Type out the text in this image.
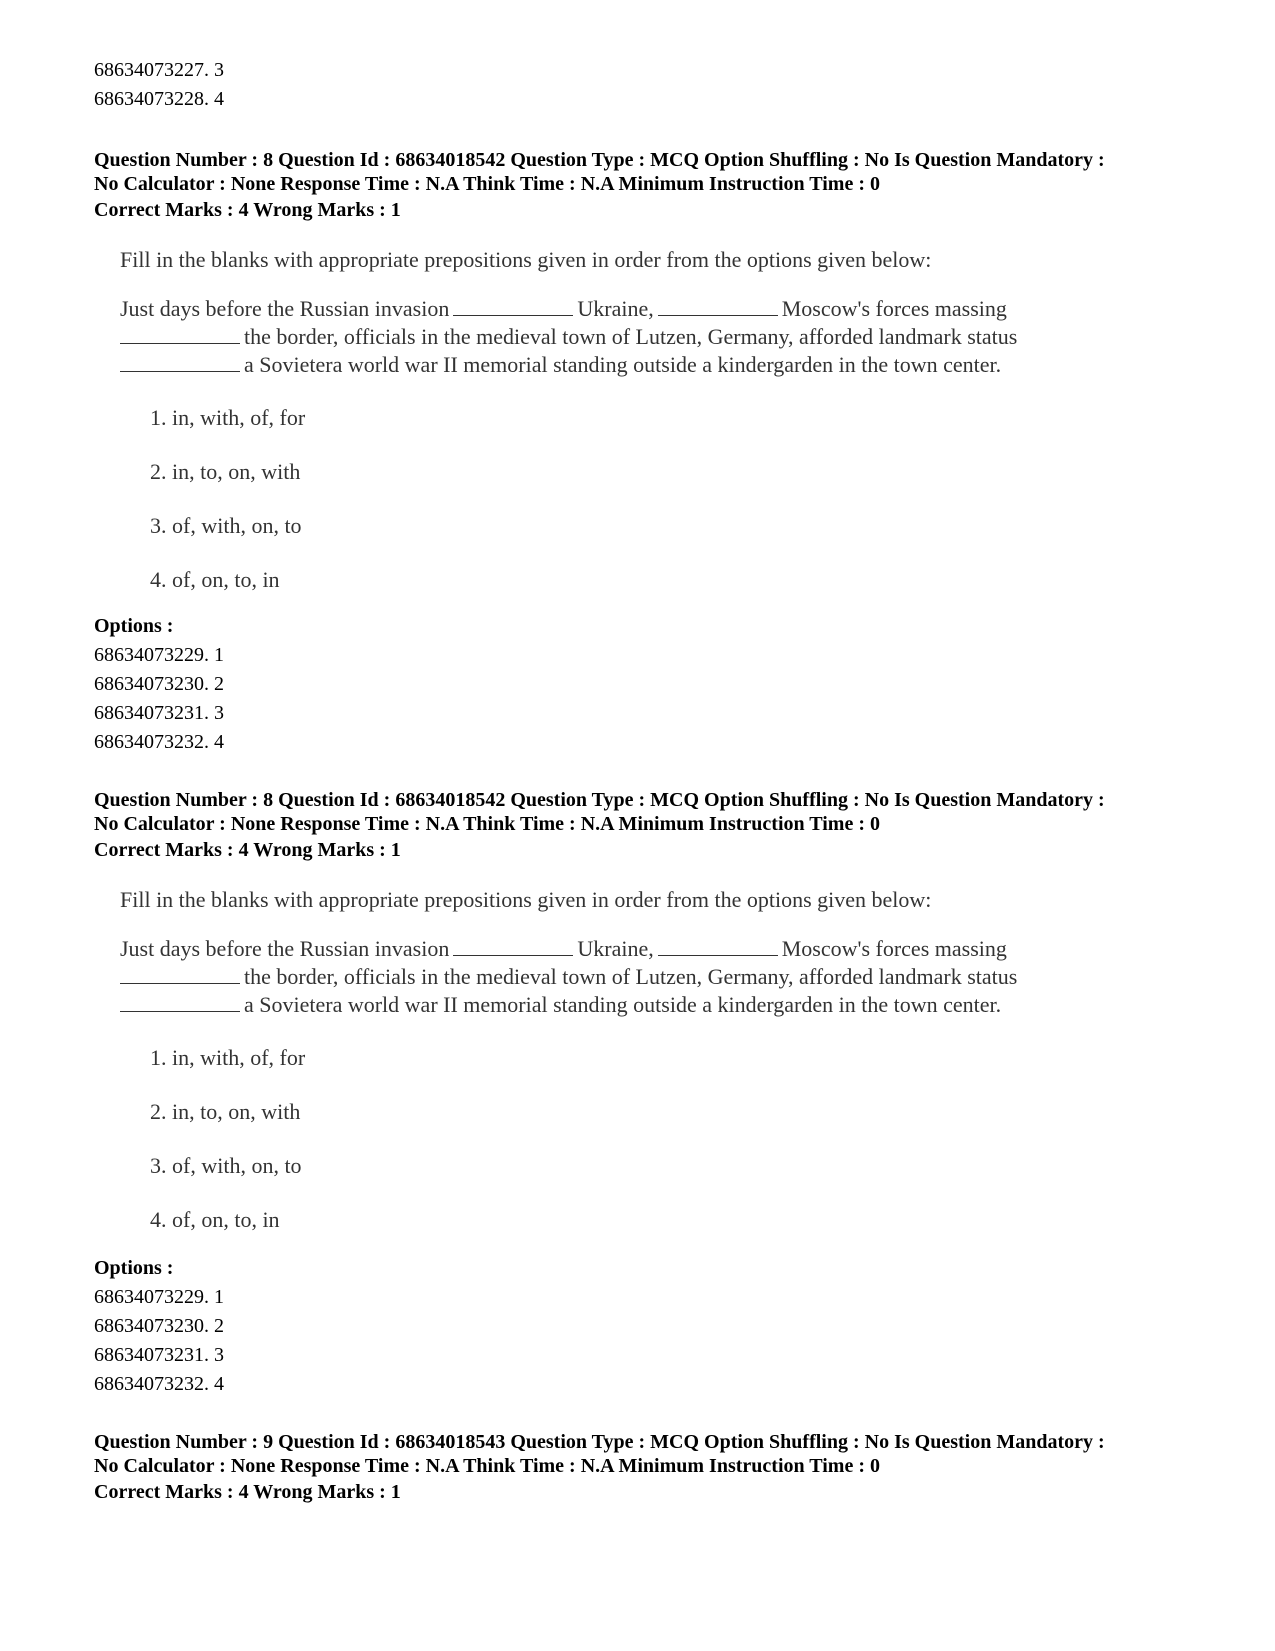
68634073227. 3
68634073228. 4
Question Number : 8 Question Id : 68634018542 Question Type : MCQ Option Shuffling : No Is Question Mandatory :
No Calculator : None Response Time : N.A Think Time : N.A Minimum Instruction Time : 0
Correct Marks : 4 Wrong Marks : 1
Fill in the blanks with appropriate prepositions given in order from the options given below:
Just days before the Russian invasion	Ukraine,	Moscow's forces massing
the border, officials in the medieval town of Lutzen, Germany, afforded landmark status
a Sovietera world war II memorial standing outside a kindergarden in the town center.
1. in, with, of, for
2. in, to, on, with
3. of, with, on, to
4. of, on, to, in
Options :
68634073229. 1
68634073230. 2
68634073231. 3
68634073232. 4
Question Number : 8 Question Id : 68634018542 Question Type : MCQ Option Shuffling : No Is Question Mandatory :
No Calculator : None Response Time : N.A Think Time : N.A Minimum Instruction Time : 0
Correct Marks : 4 Wrong Marks : 1
Fill in the blanks with appropriate prepositions given in order from the options given below:
Just days before the Russian invasion	Ukraine,	Moscow's forces massing
the border, officials in the medieval town of Lutzen, Germany, afforded landmark status
a Sovietera world war II memorial standing outside a kindergarden in the town center.
1. in, with, of, for
2. in, to, on, with
3. of, with, on, to
4. of, on, to, in
Options :
68634073229. 1
68634073230. 2
68634073231. 3
68634073232. 4
Question Number : 9 Question Id : 68634018543 Question Type : MCQ Option Shuffling : No Is Question Mandatory :
No Calculator : None Response Time : N.A Think Time : N.A Minimum Instruction Time : 0
Correct Marks : 4 Wrong Marks : 1
